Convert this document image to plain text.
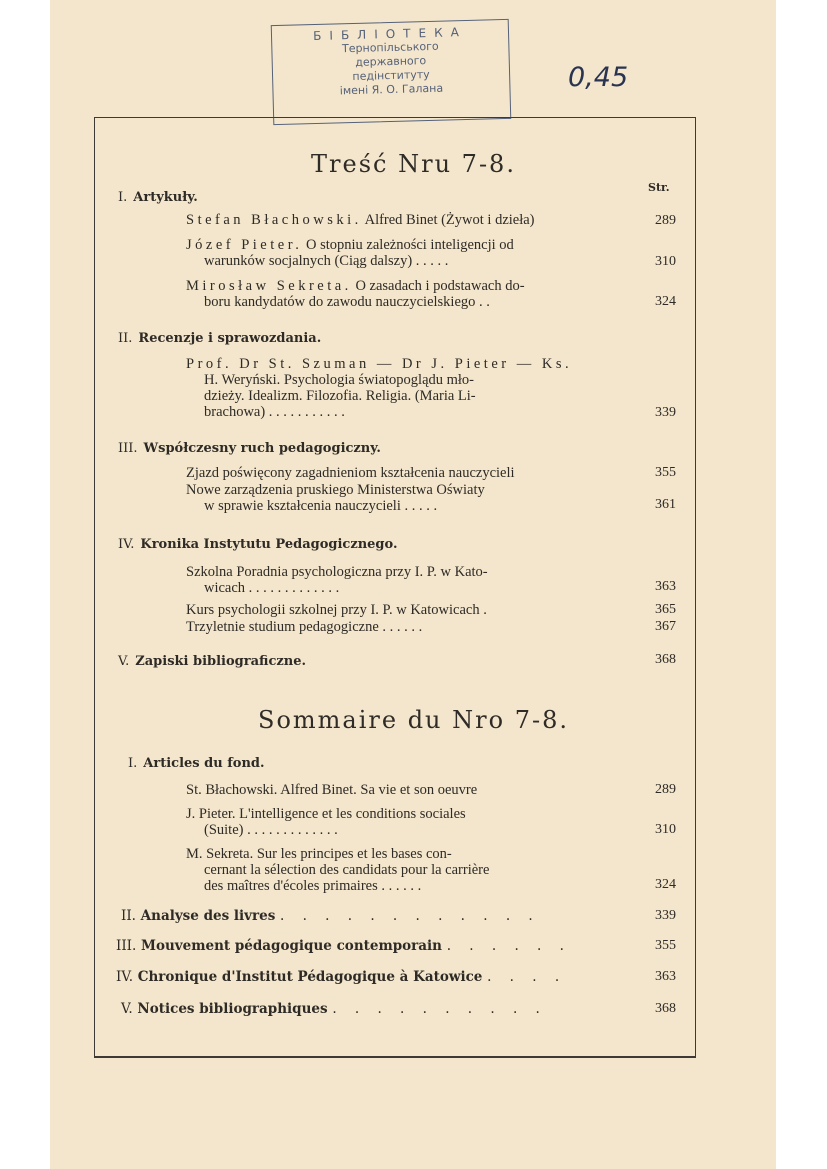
БІБЛІОТЕКА
Тернопільського
державного
педінституту
імені Я. О. Галана	0,45
Treść Nru 7-8.
Str.
I. Artykuły.
Stefan Błachowski. Alfred Binet (Żywot i dzieła)	289
Józef Pieter. O stopniu zależności inteligencji od
warunków socjalnych (Ciąg dalszy) . . . . .	310
Mirosław Sekreta. O zasadach i podstawach do-
boru kandydatów do zawodu nauczycielskiego . .	324
II. Recenzje i sprawozdania.
Prof. Dr St. Szuman — Dr J. Pieter — Ks.
H. Weryński. Psychologia światopoglądu mło-
dzieży. Idealizm. Filozofia. Religia. (Maria Li-
brachowa) . . . . . . . . . . .	339
III. Współczesny ruch pedagogiczny.
Zjazd poświęcony zagadnieniom kształcenia nauczycieli	355
Nowe zarządzenia pruskiego Ministerstwa Oświaty
w sprawie kształcenia nauczycieli . . . . .	361
IV. Kronika Instytutu Pedagogicznego.
Szkolna Poradnia psychologiczna przy I. P. w Kato-
wicach . . . . . . . . . . . . .	363
Kurs psychologii szkolnej przy I. P. w Katowicach .	365
Trzyletnie studium pedagogiczne . . . . . .	367
V. Zapiski bibliograficzne.	368
Sommaire du Nro 7-8.
I. Articles du fond.
St. Błachowski. Alfred Binet. Sa vie et son oeuvre	289
J. Pieter. L'intelligence et les conditions sociales
(Suite) . . . . . . . . . . . . .	310
M. Sekreta. Sur les principes et les bases con-
cernant la sélection des candidats pour la carrière
des maîtres d'écoles primaires . . . . . .	324
II. Analyse des livres . . . . . . . . . . . .	339
III. Mouvement pédagogique contemporain . . . . . .	355
IV. Chronique d'Institut Pédagogique à Katowice . . . .	363
V. Notices bibliographiques . . . . . . . . . .	368
